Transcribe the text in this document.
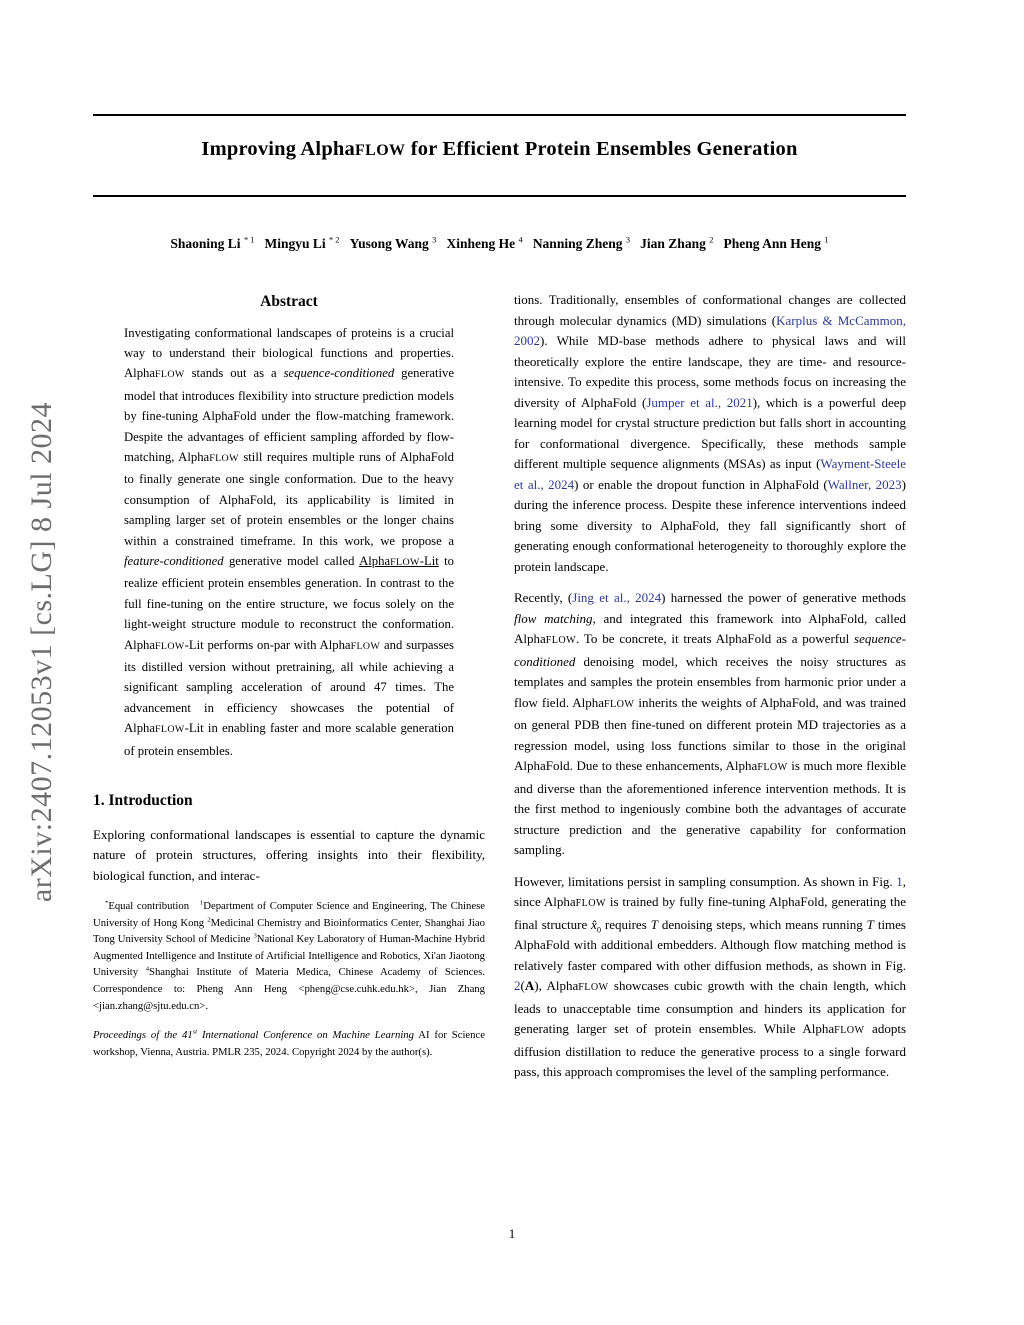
arXiv:2407.12053v1 [cs.LG] 8 Jul 2024
Improving AlphaFLOW for Efficient Protein Ensembles Generation
Shaoning Li $^{* 1}$   Mingyu Li $^{* 2}$   Yusong Wang $^3$   Xinheng He $^4$   Nanning Zheng $^3$   Jian Zhang $^2$   Pheng Ann Heng $^1$
Abstract

Investigating conformational landscapes of proteins is a crucial way to understand their biological functions and properties. AlphaFLOW stands out as a sequence-conditioned generative model that introduces flexibility into structure prediction models by fine-tuning AlphaFold under the flow-matching framework. Despite the advantages of efficient sampling afforded by flow-matching, AlphaFLOW still requires multiple runs of AlphaFold to finally generate one single conformation. Due to the heavy consumption of AlphaFold, its applicability is limited in sampling larger set of protein ensembles or the longer chains within a constrained timeframe. In this work, we propose a feature-conditioned generative model called AlphaFLOW-Lit to realize efficient protein ensembles generation. In contrast to the full fine-tuning on the entire structure, we focus solely on the light-weight structure module to reconstruct the conformation. AlphaFLOW-Lit performs on-par with AlphaFLOW and surpasses its distilled version without pretraining, all while achieving a significant sampling acceleration of around 47 times. The advancement in efficiency showcases the potential of AlphaFLOW-Lit in enabling faster and more scalable generation of protein ensembles.

1. Introduction

Exploring conformational landscapes is essential to capture the dynamic nature of protein structures, offering insights into their flexibility, biological function, and interac-

*Equal contribution   $^1$Department of Computer Science and Engineering, The Chinese University of Hong Kong $^2$Medicinal Chemistry and Bioinformatics Center, Shanghai Jiao Tong University School of Medicine $^3$National Key Laboratory of Human-Machine Hybrid Augmented Intelligence and Institute of Artificial Intelligence and Robotics, Xi'an Jiaotong University $^4$Shanghai Institute of Materia Medica, Chinese Academy of Sciences. Correspondence to: Pheng Ann Heng <pheng@cse.cuhk.edu.hk>, Jian Zhang <jian.zhang@sjtu.edu.cn>.

Proceedings of the 41st International Conference on Machine Learning AI for Science workshop, Vienna, Austria. PMLR 235, 2024. Copyright 2024 by the author(s).

tions. Traditionally, ensembles of conformational changes are collected through molecular dynamics (MD) simulations (Karplus & McCammon, 2002). While MD-base methods adhere to physical laws and will theoretically explore the entire landscape, they are time- and resource-intensive. To expedite this process, some methods focus on increasing the diversity of AlphaFold (Jumper et al., 2021), which is a powerful deep learning model for crystal structure prediction but falls short in accounting for conformational divergence. Specifically, these methods sample different multiple sequence alignments (MSAs) as input (Wayment-Steele et al., 2024) or enable the dropout function in AlphaFold (Wallner, 2023) during the inference process. Despite these inference interventions indeed bring some diversity to AlphaFold, they fall significantly short of generating enough conformational heterogeneity to thoroughly explore the protein landscape.

Recently, (Jing et al., 2024) harnessed the power of generative methods flow matching, and integrated this framework into AlphaFold, called AlphaFLOW. To be concrete, it treats AlphaFold as a powerful sequence-conditioned denoising model, which receives the noisy structures as templates and samples the protein ensembles from harmonic prior under a flow field. AlphaFLOW inherits the weights of AlphaFold, and was trained on general PDB then fine-tuned on different protein MD trajectories as a regression model, using loss functions similar to those in the original AlphaFold. Due to these enhancements, AlphaFLOW is much more flexible and diverse than the aforementioned inference intervention methods. It is the first method to ingeniously combine both the advantages of accurate structure prediction and the generative capability for conformation sampling.

However, limitations persist in sampling consumption. As shown in Fig. 1, since AlphaFLOW is trained by fully fine-tuning AlphaFold, generating the final structure $x̂_0$ requires T denoising steps, which means running T times AlphaFold with additional embedders. Although flow matching method is relatively faster compared with other diffusion methods, as shown in Fig. 2(A), AlphaFLOW showcases cubic growth with the chain length, which leads to unacceptable time consumption and hinders its application for generating larger set of protein ensembles. While AlphaFLOW adopts diffusion distillation to reduce the generative process to a single forward pass, this approach compromises the level of the sampling performance.

1
